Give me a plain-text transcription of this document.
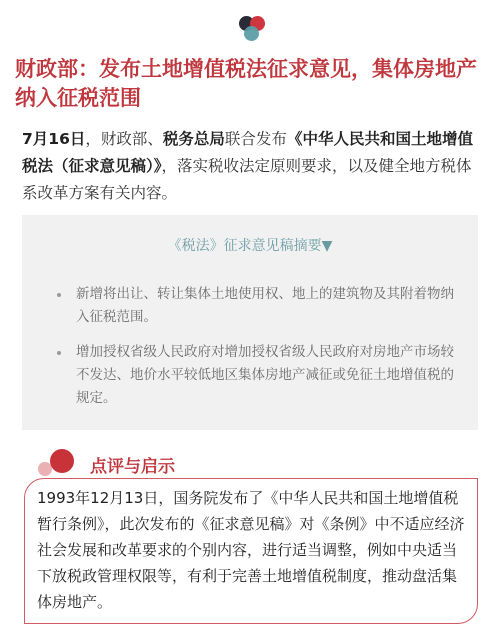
财政部：发布土地增值税法征求意见，集体房地产纳入征税范围

7月16日，财政部、税务总局联合发布《中华人民共和国土地增值税法（征求意见稿）》，落实税收法定原则要求，以及健全地方税体系改革方案有关内容。

《税法》征求意见稿摘要▼
新增将出让、转让集体土地使用权、地上的建筑物及其附着物纳入征税范围。
增加授权省级人民政府对增加授权省级人民政府对房地产市场较不发达、地价水平较低地区集体房地产减征或免征土地增值税的规定。
点评与启示

1993年12月13日，国务院发布了《中华人民共和国土地增值税暂行条例》，此次发布的《征求意见稿》对《条例》中不适应经济社会发展和改革要求的个别内容，进行适当调整，例如中央适当下放税政管理权限等，有利于完善土地增值税制度，推动盘活集体房地产。
